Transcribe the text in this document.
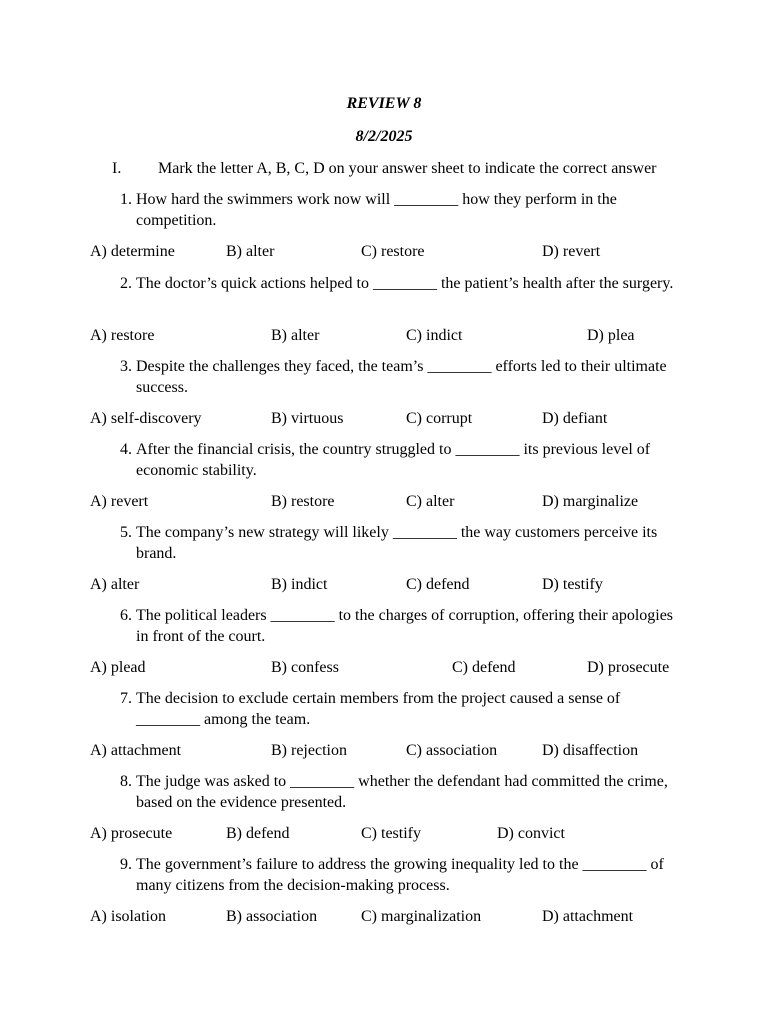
REVIEW 8
8/2/2025
I. Mark the letter A, B, C, D on your answer sheet to indicate the correct answer
1. How hard the swimmers work now will ________ how they perform in the competition.
A) determine	B) alter	C) restore	D) revert
2. The doctor’s quick actions helped to ________ the patient’s health after the surgery.
A) restore	B) alter	C) indict	D) plea
3. Despite the challenges they faced, the team’s ________ efforts led to their ultimate success.
A) self-discovery	B) virtuous	C) corrupt	D) defiant
4. After the financial crisis, the country struggled to ________ its previous level of economic stability.
A) revert	B) restore	C) alter	D) marginalize
5. The company’s new strategy will likely ________ the way customers perceive its brand.
A) alter	B) indict	C) defend	D) testify
6. The political leaders ________ to the charges of corruption, offering their apologies in front of the court.
A) plead	B) confess	C) defend	D) prosecute
7. The decision to exclude certain members from the project caused a sense of ________ among the team.
A) attachment	B) rejection	C) association	D) disaffection
8. The judge was asked to ________ whether the defendant had committed the crime, based on the evidence presented.
A) prosecute	B) defend	C) testify	D) convict
9. The government’s failure to address the growing inequality led to the ________ of many citizens from the decision-making process.
A) isolation	B) association	C) marginalization	D) attachment
